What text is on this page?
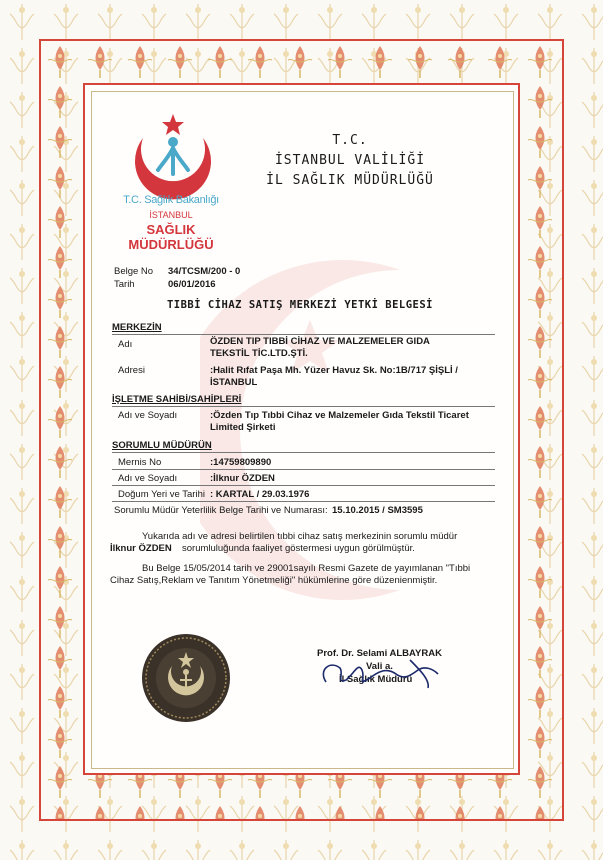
T.C. Sağlık Bakanlığı
İSTANBUL
SAĞLIK
MÜDÜRLÜĞÜ
T.C.
İSTANBUL VALİLİĞİ
İL SAĞLIK MÜDÜRLÜĞÜ
Belge No 34/TCSM/200 - 0
Tarih	06/01/2016
TIBBİ CİHAZ SATIŞ MERKEZİ YETKİ BELGESİ
MERKEZİN
Adı	ÖZDEN TIP TIBBİ CİHAZ VE MALZEMELER GIDA
TEKSTİL TİC.LTD.ŞTİ.
Adresi	:Halit Rıfat Paşa Mh. Yüzer Havuz Sk. No:1B/717 ŞİŞLİ /
İSTANBUL
İŞLETME SAHİBİ/SAHİPLERİ
Adı ve Soyadı	:Özden Tıp Tıbbi Cihaz ve Malzemeler Gıda Tekstil Ticaret
Limited Şirketi
SORUMLU MÜDÜRÜN
Mernis No	:14759809890
Adı ve Soyadı	:İlknur ÖZDEN
Doğum Yeri ve Tarihi : KARTAL / 29.03.1976
Sorumlu Müdür Yeterlilik Belge Tarihi ve Numarası: 15.10.2015 / SM3595
Yukarıda adı ve adresi belirtilen tıbbi cihaz satış merkezinin sorumlu müdür
İlknur ÖZDEN sorumluluğunda faaliyet göstermesi uygun görülmüştür.
Bu Belge 15/05/2014 tarih ve 29001sayılı Resmi Gazete de yayımlanan "Tıbbi
Cihaz Satış,Reklam ve Tanıtım Yönetmeliği" hükümlerine göre düzenienmiştir.
Prof. Dr. Selami ALBAYRAK
Vali a.
İl Sağlık Müdürü
